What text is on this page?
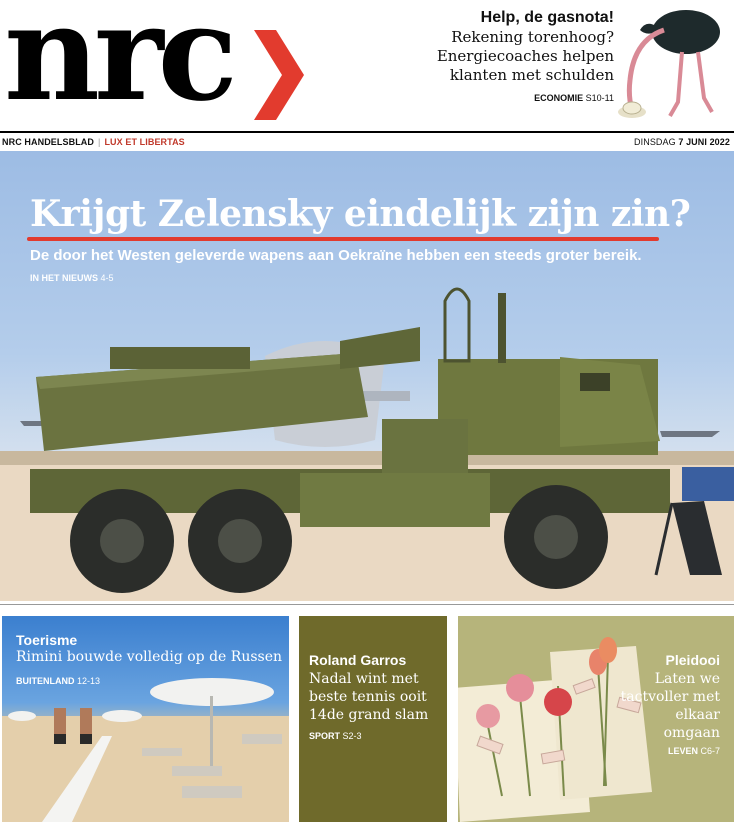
nrc	Help, de gasnota!
Rekening torenhoog?
Energiecoaches helpen
klanten met schulden
ECONOMIE S10-11
NRC HANDELSBLAD | LUX ET LIBERTAS	DINSDAG 7 JUNI 2022
Krijgt Zelensky eindelijk zijn zin?
De door het Westen geleverde wapens aan Oekraïne hebben een steeds groter bereik.
IN HET NIEUWS 4-5
Toerisme
Rimini bouwde volledig op de Russen
BUITENLAND 12-13
Roland Garros
Nadal wint met beste tennis ooit 14de grand slam
SPORT S2-3
Pleidooi
Laten we tactvoller met elkaar omgaan
LEVEN C6-7
